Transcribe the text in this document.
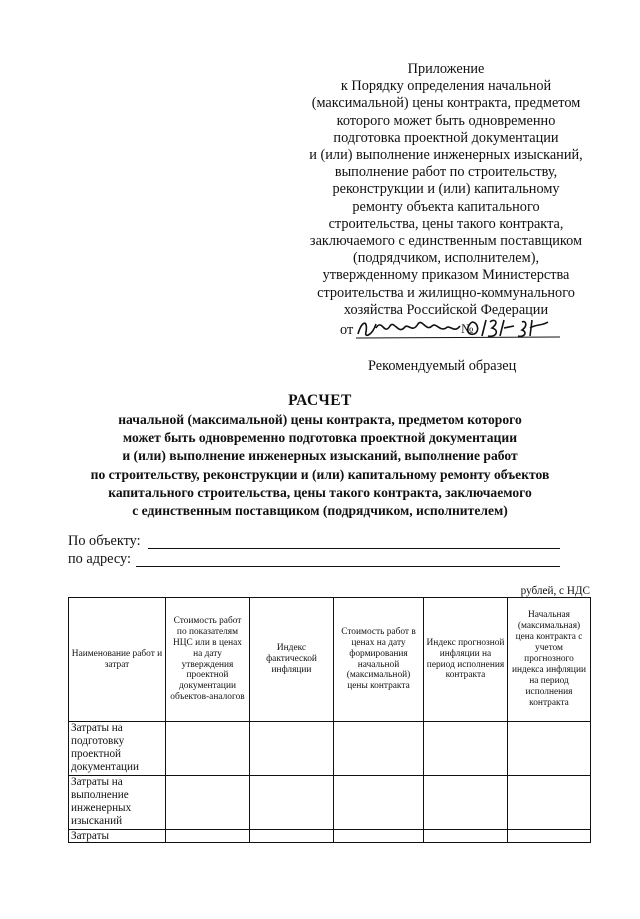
Приложение
к Порядку определения начальной
(максимальной) цены контракта, предметом
которого может быть одновременно
подготовка проектной документации
и (или) выполнение инженерных изысканий,
выполнение работ по строительству,
реконструкции и (или) капитальному
ремонту объекта капитального
строительства, цены такого контракта,
заключаемого с единственным поставщиком
(подрядчиком, исполнителем),
утвержденному приказом Министерства
строительства и жилищно-коммунального
хозяйства Российской Федерации
от	№
Рекомендуемый образец
РАСЧЕТ
начальной (максимальной) цены контракта, предметом которого
может быть одновременно подготовка проектной документации
и (или) выполнение инженерных изысканий, выполнение работ
по строительству, реконструкции и (или) капитальному ремонту объектов
капитального строительства, цены такого контракта, заключаемого
с единственным поставщиком (подрядчиком, исполнителем)
По объекту:
по адресу:
рублей, с НДС
Наименование работ и затрат	Стоимость работ по показателям НЦС или в ценах на дату утверждения проектной документации объектов-аналогов	Индекс фактической инфляции	Стоимость работ в ценах на дату формирования начальной (максимальной) цены контракта	Индекс прогнозной инфляции на период исполнения контракта	Начальная (максимальная) цена контракта с учетом прогнозного индекса инфляции на период исполнения контракта
Затраты на подготовку проектной документации					
Затраты на выполнение инженерных изысканий					
Затраты					
